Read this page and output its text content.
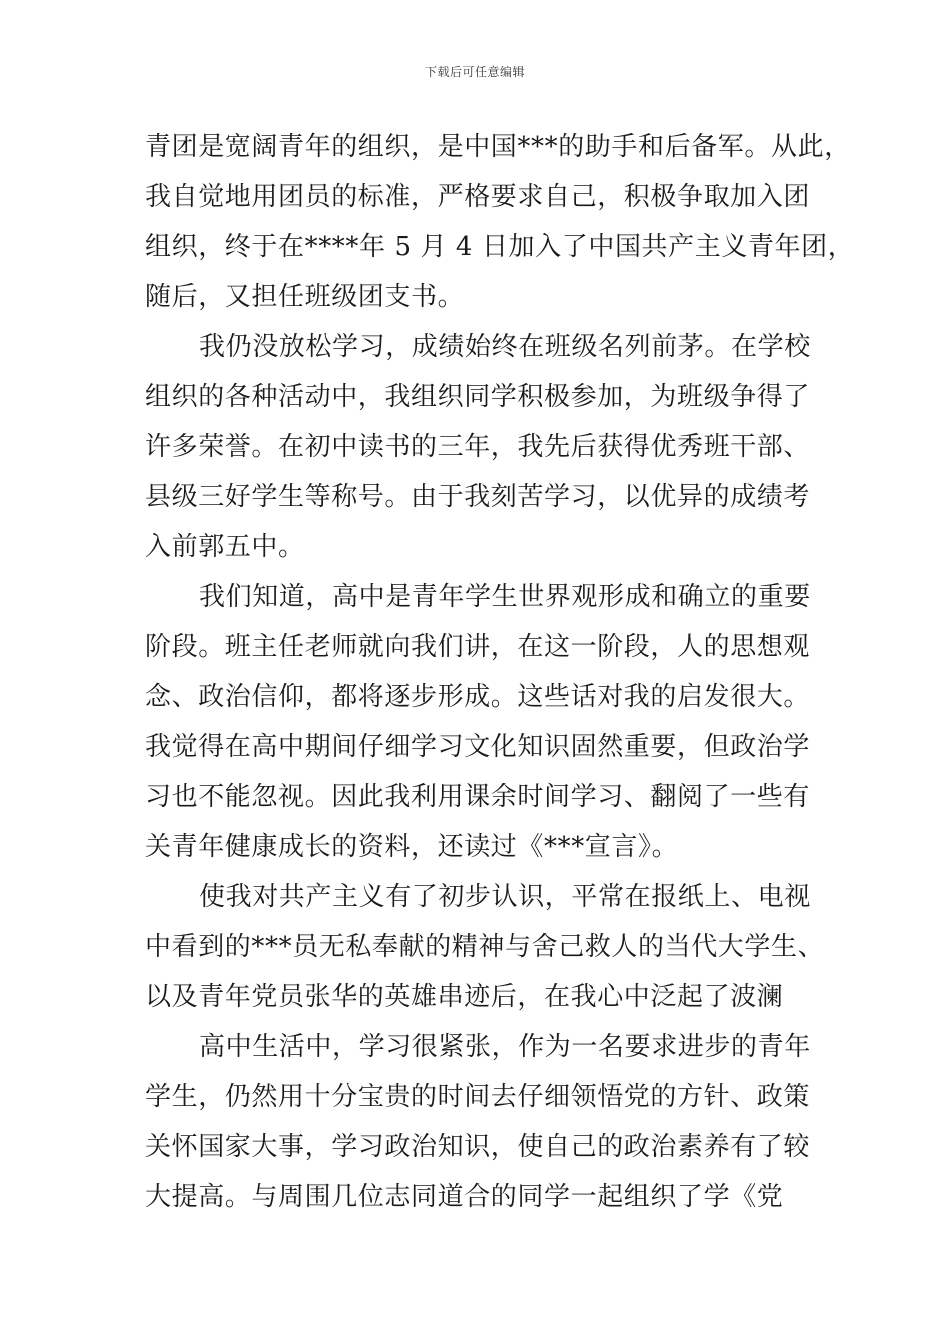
下载后可任意编辑
青团是宽阔青年的组织，是中国***的助手和后备军。从此，
我自觉地用团员的标准，严格要求自己，积极争取加入团
组织，终于在****年 5 月 4 日加入了中国共产主义青年团，
随后，又担任班级团支书。
我仍没放松学习，成绩始终在班级名列前茅。在学校
组织的各种活动中，我组织同学积极参加，为班级争得了
许多荣誉。在初中读书的三年，我先后获得优秀班干部、
县级三好学生等称号。由于我刻苦学习，以优异的成绩考
入前郭五中。
我们知道，高中是青年学生世界观形成和确立的重要
阶段。班主任老师就向我们讲，在这一阶段，人的思想观
念、政治信仰，都将逐步形成。这些话对我的启发很大。
我觉得在高中期间仔细学习文化知识固然重要，但政治学
习也不能忽视。因此我利用课余时间学习、翻阅了一些有
关青年健康成长的资料，还读过《***宣言》。
使我对共产主义有了初步认识，平常在报纸上、电视
中看到的***员无私奉献的精神与舍己救人的当代大学生、
以及青年党员张华的英雄串迹后，在我心中泛起了波澜
高中生活中，学习很紧张，作为一名要求进步的青年
学生，仍然用十分宝贵的时间去仔细领悟党的方针、政策
关怀国家大事，学习政治知识，使自己的政治素养有了较
大提高。与周围几位志同道合的同学一起组织了学《党
